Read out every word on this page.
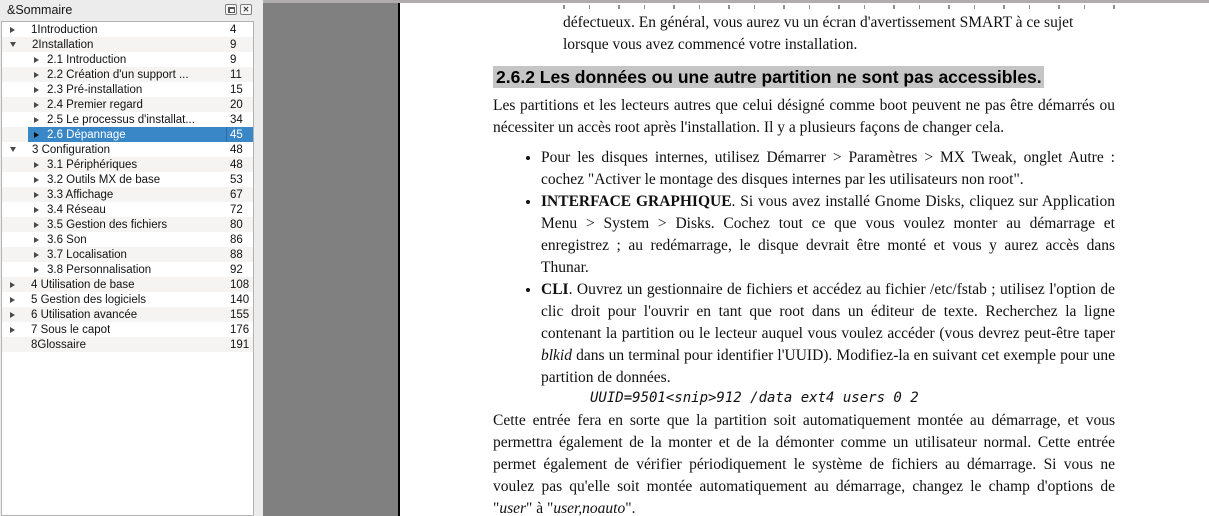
&Sommaire	✕
1Introduction	4
2Installation	9
2.1 Introduction	9
2.2 Création d'un support ...	11
2.3 Pré-installation	15
2.4 Premier regard	20
2.5 Le processus d'installat...	34
2.6 Dépannage	45
3 Configuration	48
3.1 Périphériques	48
3.2 Outils MX de base	53
3.3 Affichage	67
3.4 Réseau	72
3.5 Gestion des fichiers	80
3.6 Son	86
3.7 Localisation	88
3.8 Personnalisation	92
4 Utilisation de base	108
5 Gestion des logiciels	140
6 Utilisation avancée	155
7 Sous le capot	176
8Glossaire	191
défectueux. En général, vous aurez vu un écran d'avertissement SMART à ce sujet lorsque vous avez commencé votre installation.
2.6.2 Les données ou une autre partition ne sont pas accessibles.
Les partitions et les lecteurs autres que celui désigné comme boot peuvent ne pas être démarrés ou nécessiter un accès root après l'installation. Il y a plusieurs façons de changer cela.
• Pour les disques internes, utilisez Démarrer > Paramètres > MX Tweak, onglet Autre : cochez "Activer le montage des disques internes par les utilisateurs non root".
• INTERFACE GRAPHIQUE. Si vous avez installé Gnome Disks, cliquez sur Application Menu > System > Disks. Cochez tout ce que vous voulez monter au démarrage et enregistrez ; au redémarrage, le disque devrait être monté et vous y aurez accès dans Thunar.
• CLI. Ouvrez un gestionnaire de fichiers et accédez au fichier /etc/fstab ; utilisez l'option de clic droit pour l'ouvrir en tant que root dans un éditeur de texte. Recherchez la ligne contenant la partition ou le lecteur auquel vous voulez accéder (vous devrez peut-être taper blkid dans un terminal pour identifier l'UUID). Modifiez-la en suivant cet exemple pour une partition de données.
UUID=9501<snip>912 /data ext4 users 0 2
Cette entrée fera en sorte que la partition soit automatiquement montée au démarrage, et vous permettra également de la monter et de la démonter comme un utilisateur normal. Cette entrée permet également de vérifier périodiquement le système de fichiers au démarrage. Si vous ne voulez pas qu'elle soit montée automatiquement au démarrage, changez le champ d'options de "user" à "user,noauto".
